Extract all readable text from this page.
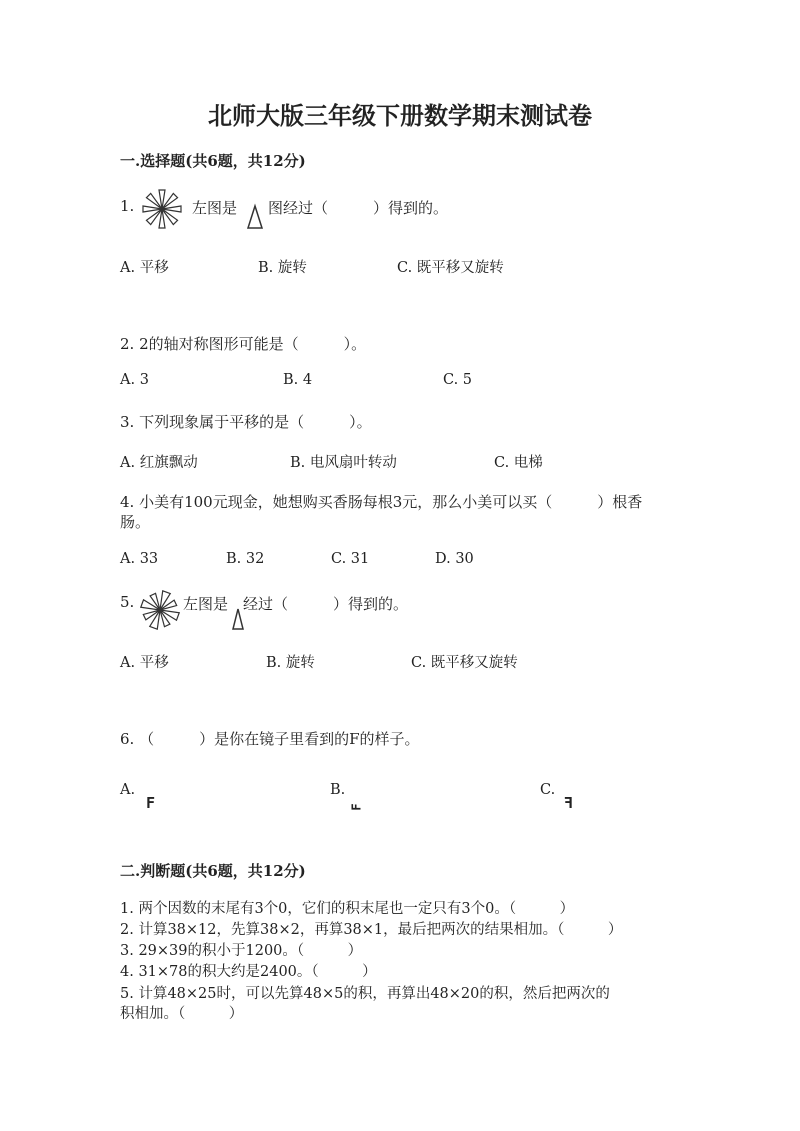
北师大版三年级下册数学期末测试卷
一.选择题(共6题，共12分)
1.	左图是 图经过（　　　）得到的。
A. 平移	B. 旋转	C. 既平移又旋转
2. 2的轴对称图形可能是（　　　）。
A. 3	B. 4	C. 5
3. 下列现象属于平移的是（　　　）。
A. 红旗飘动	B. 电风扇叶转动	C. 电梯
4. 小美有100元现金，她想购买香肠每根3元，那么小美可以买（　　　）根香
肠。
A. 33	B. 32	C. 31	D. 30
5.	左图是 经过（　　　）得到的。
A. 平移	B. 旋转	C. 既平移又旋转
6. （　　　）是你在镜子里看到的F的样子。
A.
F
B.
F
C.
F
二.判断题(共6题，共12分)
1. 两个因数的末尾有3个0，它们的积末尾也一定只有3个0。（　　　）
2. 计算38×12，先算38×2，再算38×1，最后把两次的结果相加。（　　　）
3. 29×39的积小于1200。（　　　）
4. 31×78的积大约是2400。（　　　）
5. 计算48×25时，可以先算48×5的积，再算出48×20的积，然后把两次的
积相加。（　　　）
